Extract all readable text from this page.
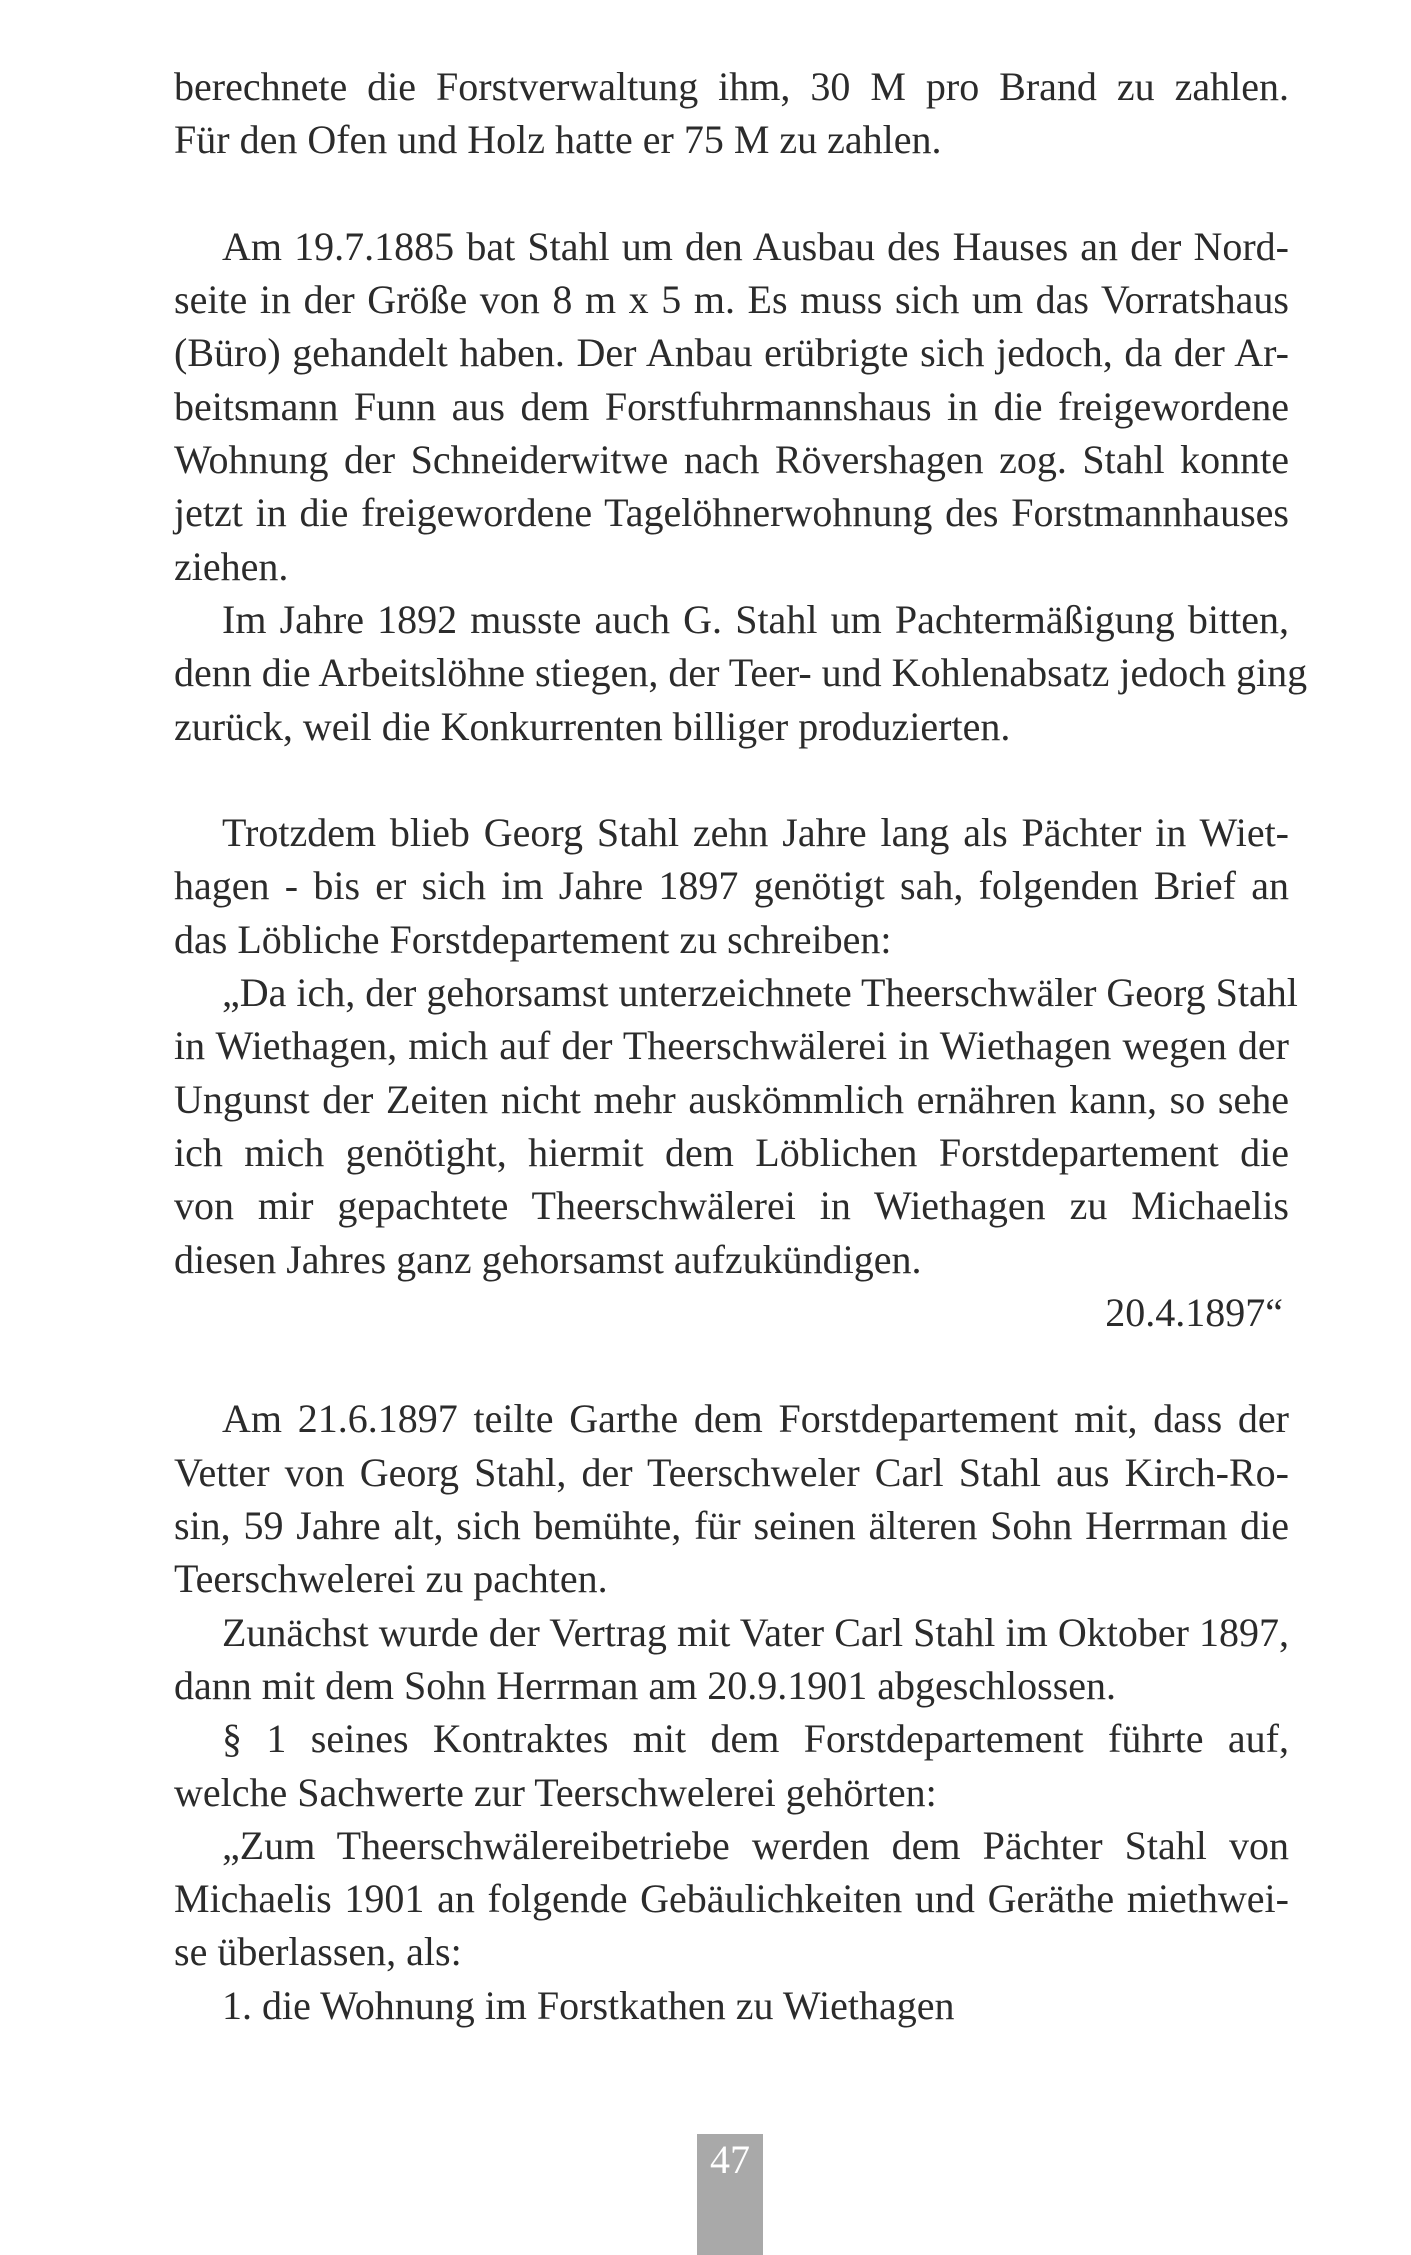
berechnete die Forstverwaltung ihm, 30 M pro Brand zu zahlen.
Für den Ofen und Holz hatte er 75 M zu zahlen.
Am 19.7.1885 bat Stahl um den Ausbau des Hauses an der Nord-
seite in der Größe von 8 m x 5 m. Es muss sich um das Vorratshaus
(Büro) gehandelt haben. Der Anbau erübrigte sich jedoch, da der Ar-
beitsmann Funn aus dem Forstfuhrmannshaus in die freigewordene
Wohnung der Schneiderwitwe nach Rövershagen zog. Stahl konnte
jetzt in die freigewordene Tagelöhnerwohnung des Forstmannhauses
ziehen.
Im Jahre 1892 musste auch G. Stahl um Pachtermäßigung bitten,
denn die Arbeitslöhne stiegen, der Teer- und Kohlenabsatz jedoch ging
zurück, weil die Konkurrenten billiger produzierten.
Trotzdem blieb Georg Stahl zehn Jahre lang als Pächter in Wiet-
hagen - bis er sich im Jahre 1897 genötigt sah, folgenden Brief an
das Löbliche Forstdepartement zu schreiben:
„Da ich, der gehorsamst unterzeichnete Theerschwäler Georg Stahl
in Wiethagen, mich auf der Theerschwälerei in Wiethagen wegen der
Ungunst der Zeiten nicht mehr auskömmlich ernähren kann, so sehe
ich mich genötight, hiermit dem Löblichen Forstdepartement die
von mir gepachtete Theerschwälerei in Wiethagen zu Michaelis
diesen Jahres ganz gehorsamst aufzukündigen.
20.4.1897“
Am 21.6.1897 teilte Garthe dem Forstdepartement mit, dass der
Vetter von Georg Stahl, der Teerschweler Carl Stahl aus Kirch-Ro-
sin, 59 Jahre alt, sich bemühte, für seinen älteren Sohn Herrman die
Teerschwelerei zu pachten.
Zunächst wurde der Vertrag mit Vater Carl Stahl im Oktober 1897,
dann mit dem Sohn Herrman am 20.9.1901 abgeschlossen.
§ 1 seines Kontraktes mit dem Forstdepartement führte auf,
welche Sachwerte zur Teerschwelerei gehörten:
„Zum Theerschwälereibetriebe werden dem Pächter Stahl von
Michaelis 1901 an folgende Gebäulichkeiten und Geräthe miethwei-
se überlassen, als:
1. die Wohnung im Forstkathen zu Wiethagen
47
